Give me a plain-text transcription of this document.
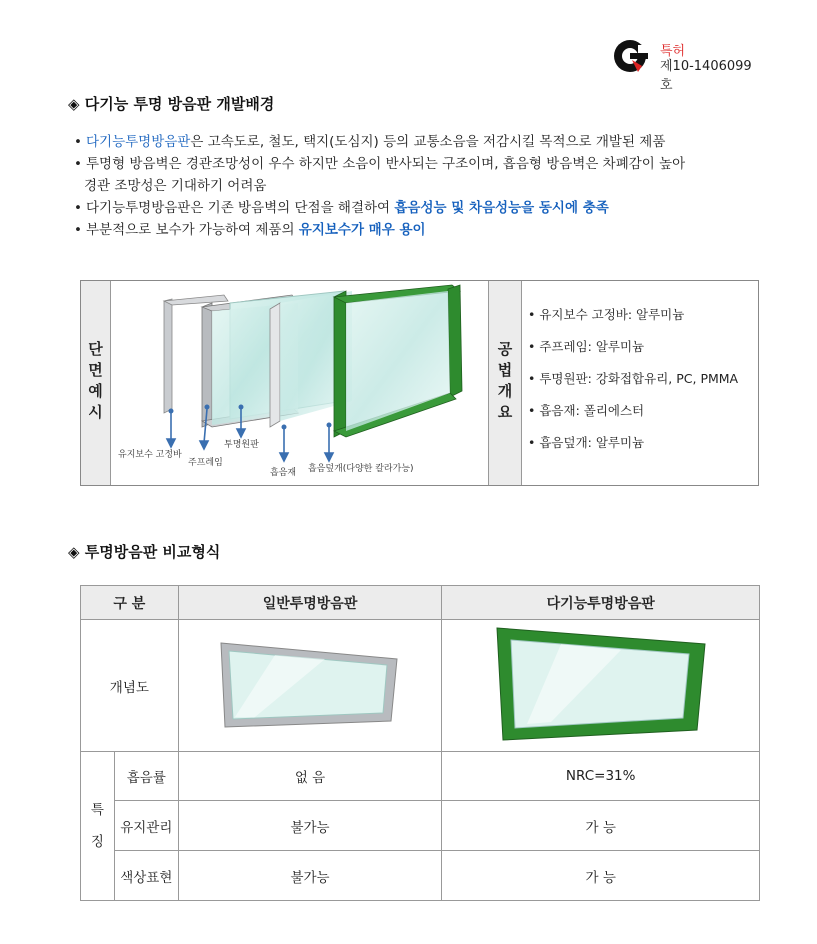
특허
제10-1406099호
◈ 다기능 투명 방음판 개발배경
• 다기능투명방음판은 고속도로, 철도, 택지(도심지) 등의 교통소음을 저감시킬 목적으로 개발된 제품
• 투명형 방음벽은 경관조망성이 우수 하지만 소음이 반사되는 구조이며, 흡음형 방음벽은 차폐감이 높아
경관 조망성은 기대하기 어려움
• 다기능투명방음판은 기존 방음벽의 단점을 해결하여 흡음성능 및 차음성능을 동시에 충족
• 부분적으로 보수가 가능하여 제품의 유지보수가 매우 용이
단
면
예
시
유지보수 고정바
주프레임
투명원판
흡음재 흡음덮개(다양한 칼라가능)
공
법
개
요
• 유지보수 고정바: 알루미늄
• 주프레임: 알루미늄
• 투명원판: 강화접합유리, PC, PMMA
• 흡음재: 폴리에스터
• 흡음덮개: 알루미늄
◈ 투명방음판 비교형식
구 분		일반투명방음판	다기능투명방음판
개념도		

특
징	흡음률	없 음	NRC=31%
	유지관리	불가능	가 능
	색상표현	불가능	가 능
